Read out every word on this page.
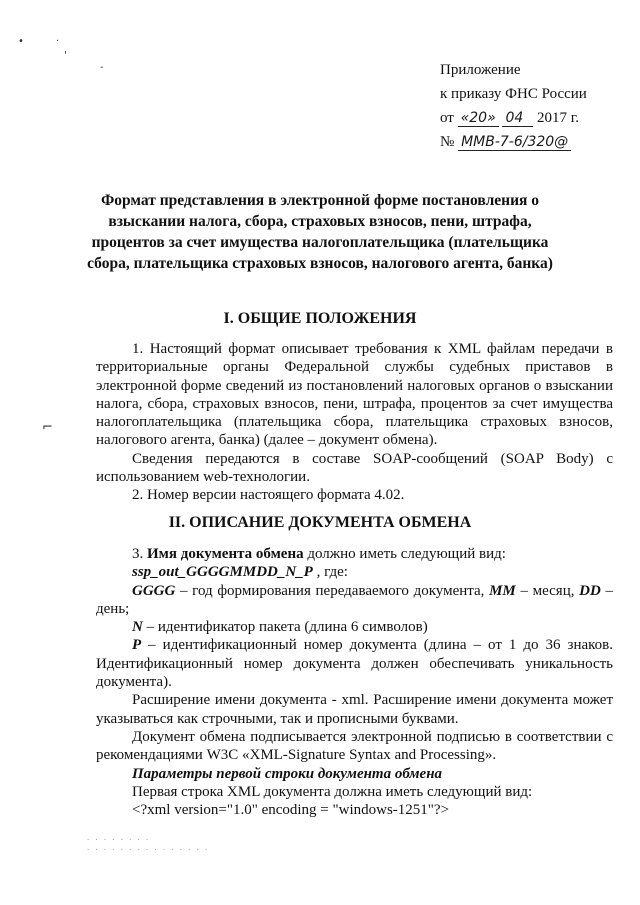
•	·
'
-
⌐
Приложение
к приказу ФНС России
от «20» 04 2017 г.
№ ММВ-7-6/320@
Формат представления в электронной форме постановления о
взыскании налога, сбора, страховых взносов, пени, штрафа,
процентов за счет имущества налогоплательщика (плательщика
сбора, плательщика страховых взносов, налогового агента, банка)
I. ОБЩИЕ ПОЛОЖЕНИЯ

1. Настоящий формат описывает требования к XML файлам передачи в территориальные органы Федеральной службы судебных приставов в электронной форме сведений из постановлений налоговых органов о взыскании налога, сбора, страховых взносов, пени, штрафа, процентов за счет имущества налогоплательщика (плательщика сбора, плательщика страховых взносов, налогового агента, банка) (далее – документ обмена).

Сведения передаются в составе SOAP-сообщений (SOAP Body) с использованием web-технологии.

2. Номер версии настоящего формата 4.02.

II. ОПИСАНИЕ ДОКУМЕНТА ОБМЕНА

3. Имя документа обмена должно иметь следующий вид:

ssp_out_GGGGMMDD_N_P , где:

GGGG – год формирования передаваемого документа, MM – месяц, DD – день;

N – идентификатор пакета (длина 6 символов)

P – идентификационный номер документа (длина – от 1 до 36 знаков. Идентификационный номер документа должен обеспечивать уникальность документа).

Расширение имени документа - xml. Расширение имени документа может указываться как строчными, так и прописными буквами.

Документ обмена подписывается электронной подписью в соответствии с рекомендациями W3C «XML-Signature Syntax and Processing».

Параметры первой строки документа обмена

Первая строка XML документа должна иметь следующий вид:

<?xml version="1.0" encoding = "windows-1251"?>

· · · · · · · ·
· · · · · · · · · · · · · · ·
